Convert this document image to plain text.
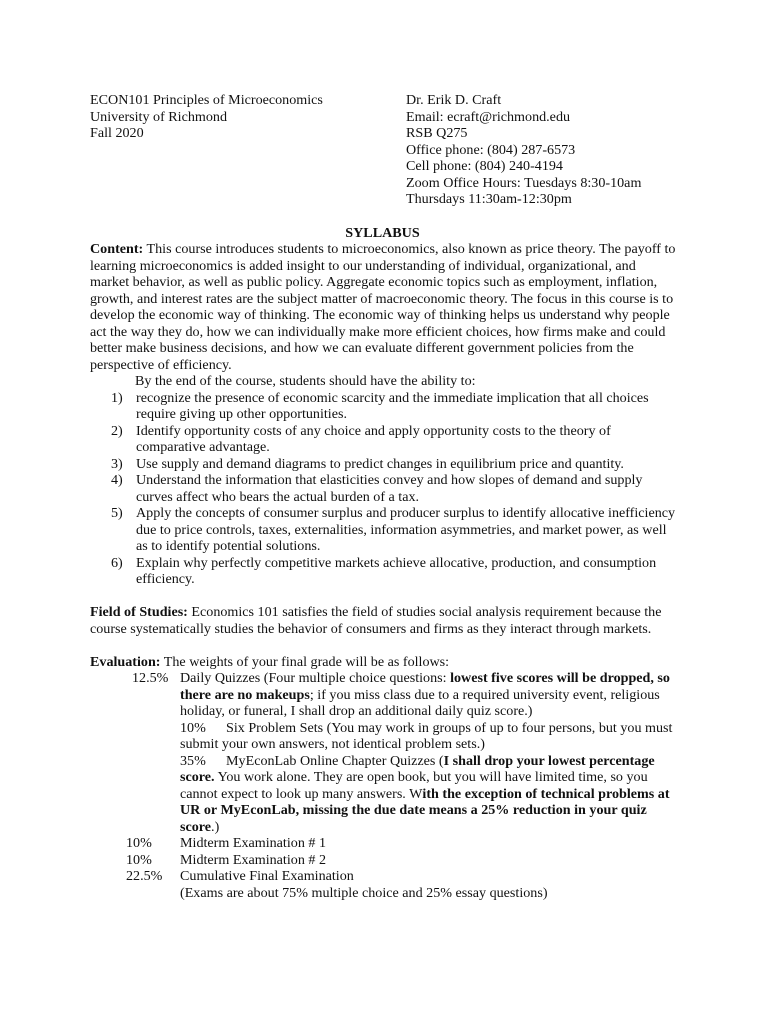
ECON101 Principles of Microeconomics
University of Richmond
Fall 2020
Dr. Erik D. Craft
Email: ecraft@richmond.edu
RSB Q275
Office phone: (804) 287-6573
Cell phone: (804) 240-4194
Zoom Office Hours: Tuesdays 8:30-10am
Thursdays 11:30am-12:30pm
SYLLABUS
Content: This course introduces students to microeconomics, also known as price theory. The payoff to learning microeconomics is added insight to our understanding of individual, organizational, and market behavior, as well as public policy. Aggregate economic topics such as employment, inflation, growth, and interest rates are the subject matter of macroeconomic theory. The focus in this course is to develop the economic way of thinking. The economic way of thinking helps us understand why people act the way they do, how we can individually make more efficient choices, how firms make and could better make business decisions, and how we can evaluate different government policies from the perspective of efficiency.
By the end of the course, students should have the ability to:
1) recognize the presence of economic scarcity and the immediate implication that all choices require giving up other opportunities.
2) Identify opportunity costs of any choice and apply opportunity costs to the theory of comparative advantage.
3) Use supply and demand diagrams to predict changes in equilibrium price and quantity.
4) Understand the information that elasticities convey and how slopes of demand and supply curves affect who bears the actual burden of a tax.
5) Apply the concepts of consumer surplus and producer surplus to identify allocative inefficiency due to price controls, taxes, externalities, information asymmetries, and market power, as well as to identify potential solutions.
6) Explain why perfectly competitive markets achieve allocative, production, and consumption efficiency.
Field of Studies: Economics 101 satisfies the field of studies social analysis requirement because the course systematically studies the behavior of consumers and firms as they interact through markets.
Evaluation: The weights of your final grade will be as follows:
12.5% Daily Quizzes (Four multiple choice questions: lowest five scores will be dropped, so there are no makeups; if you miss class due to a required university event, religious holiday, or funeral, I shall drop an additional daily quiz score.)
10% Six Problem Sets (You may work in groups of up to four persons, but you must submit your own answers, not identical problem sets.)
35% MyEconLab Online Chapter Quizzes (I shall drop your lowest percentage score. You work alone. They are open book, but you will have limited time, so you cannot expect to look up many answers. With the exception of technical problems at UR or MyEconLab, missing the due date means a 25% reduction in your quiz score.)
10% Midterm Examination # 1
10% Midterm Examination # 2
22.5% Cumulative Final Examination
(Exams are about 75% multiple choice and 25% essay questions)
